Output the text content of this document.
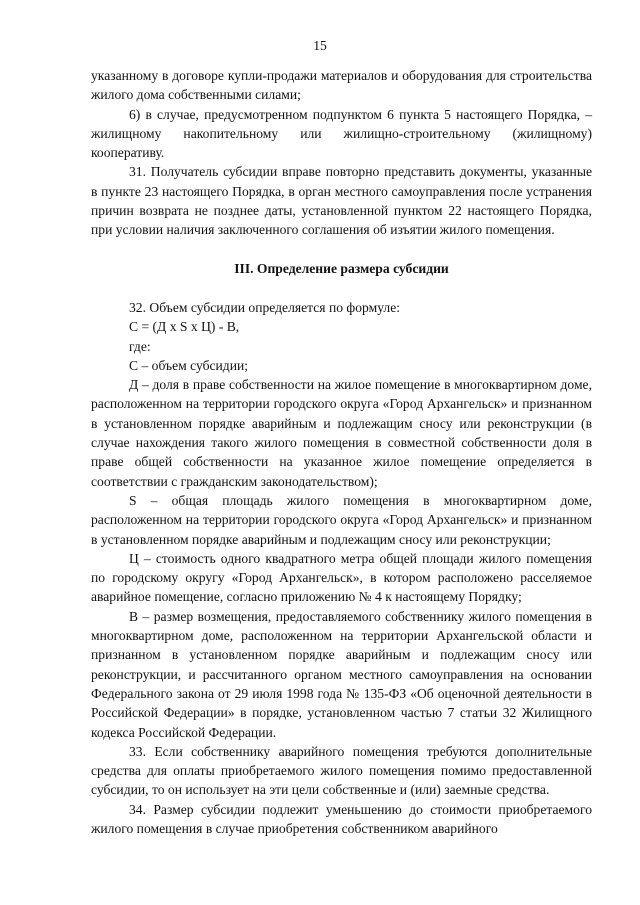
15

указанному в договоре купли-продажи материалов и оборудования для строительства жилого дома собственными силами;

6) в случае, предусмотренном подпунктом 6 пункта 5 настоящего Порядка, – жилищному накопительному или жилищно-строительному (жилищному) кооперативу.

31. Получатель субсидии вправе повторно представить документы, указанные в пункте 23 настоящего Порядка, в орган местного самоуправления после устранения причин возврата не позднее даты, установленной пунктом 22 настоящего Порядка, при условии наличия заключенного соглашения об изъятии жилого помещения.

III. Определение размера субсидии

32. Объем субсидии определяется по формуле:

С = (Д х S х Ц) - В,

где:

С – объем субсидии;

Д – доля в праве собственности на жилое помещение в многоквартирном доме, расположенном на территории городского округа «Город Архангельск» и признанном в установленном порядке аварийным и подлежащим сносу или реконструкции (в случае нахождения такого жилого помещения в совместной собственности доля в праве общей собственности на указанное жилое помещение определяется в соответствии с гражданским законодательством);

S – общая площадь жилого помещения в многоквартирном доме, расположенном на территории городского округа «Город Архангельск» и признанном в установленном порядке аварийным и подлежащим сносу или реконструкции;

Ц – стоимость одного квадратного метра общей площади жилого помещения по городскому округу «Город Архангельск», в котором расположено расселяемое аварийное помещение, согласно приложению № 4 к настоящему Порядку;

В – размер возмещения, предоставляемого собственнику жилого помещения в многоквартирном доме, расположенном на территории Архангельской области и признанном в установленном порядке аварийным и подлежащим сносу или реконструкции, и рассчитанного органом местного самоуправления на основании Федерального закона от 29 июля 1998 года № 135-ФЗ «Об оценочной деятельности в Российской Федерации» в порядке, установленном частью 7 статьи 32 Жилищного кодекса Российской Федерации.

33. Если собственнику аварийного помещения требуются дополнительные средства для оплаты приобретаемого жилого помещения помимо предоставленной субсидии, то он использует на эти цели собственные и (или) заемные средства.

34. Размер субсидии подлежит уменьшению до стоимости приобретаемого жилого помещения в случае приобретения собственником аварийного
